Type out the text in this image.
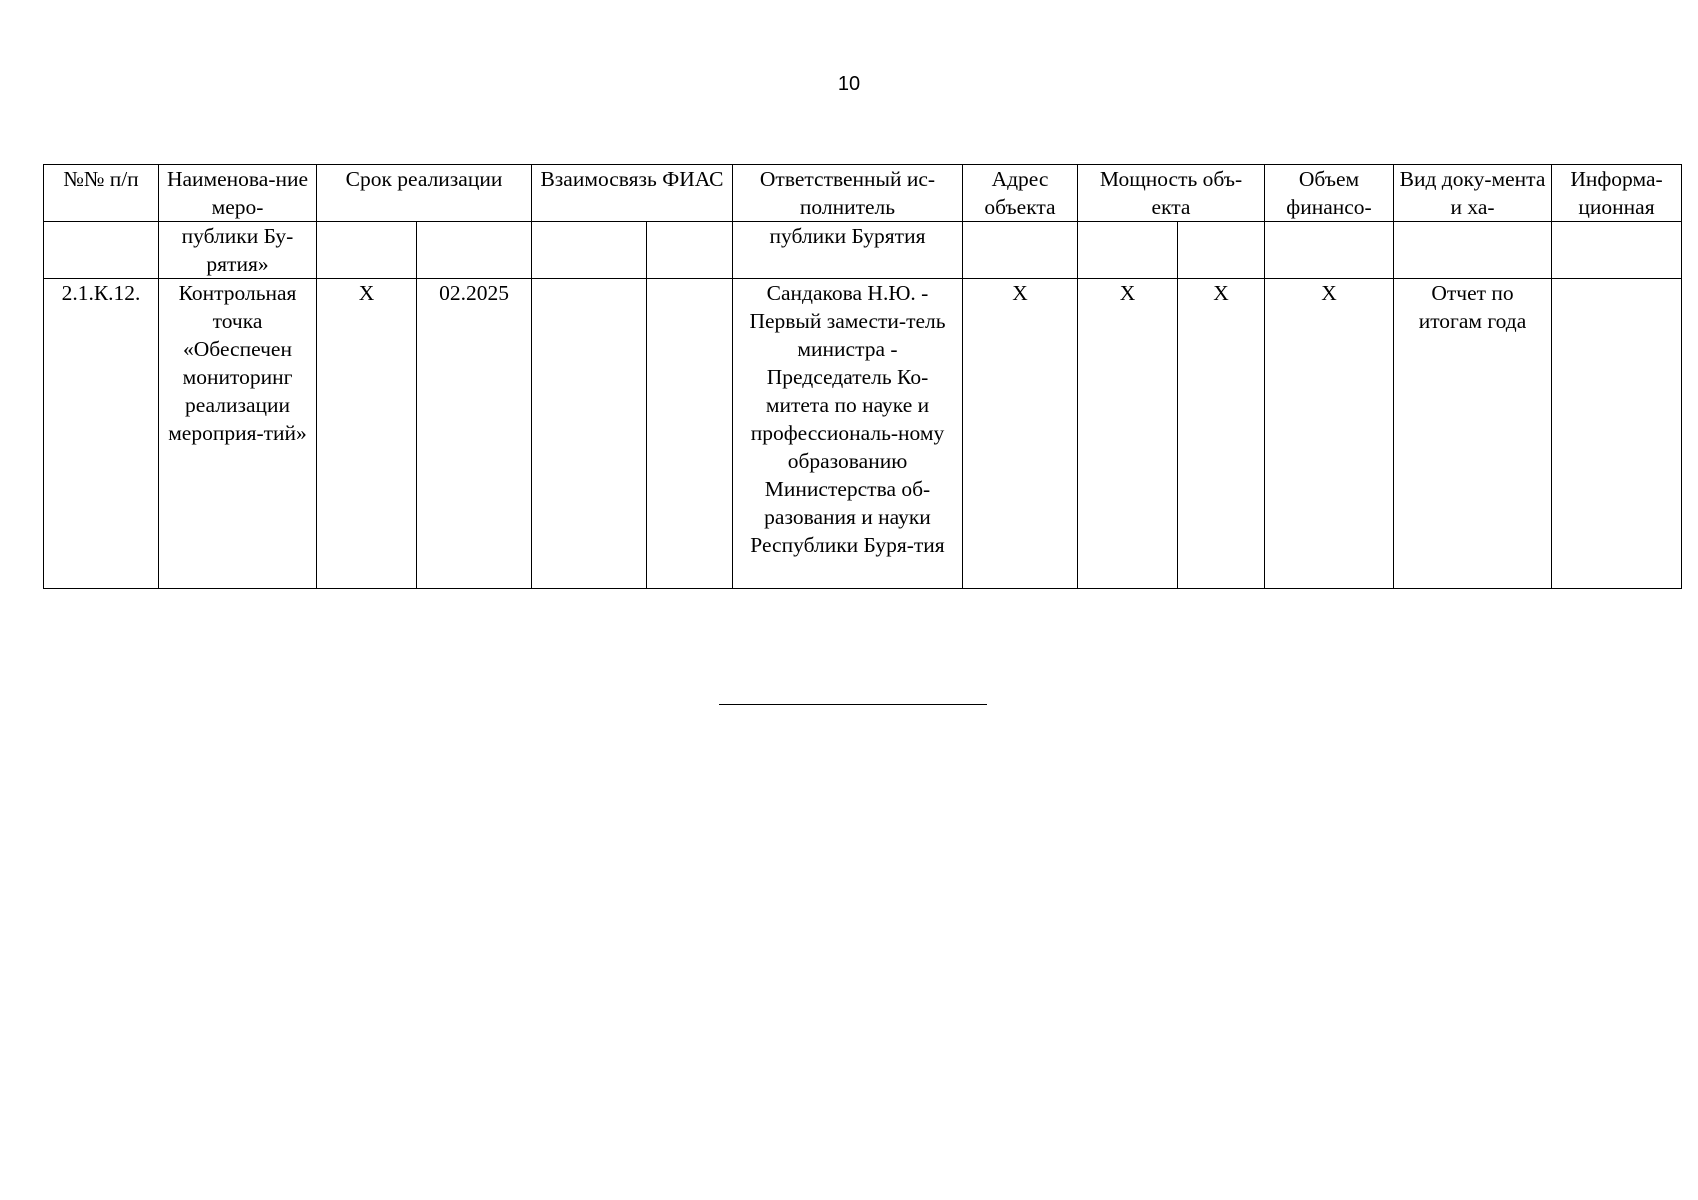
10
№№ п/п	Наименова-ние меро-	Срок реализации		Взаимосвязь ФИАС		Ответственный ис-полнитель	Адрес объекта	Мощность объ-екта		Объем финансо-	Вид доку-мента и ха-	Информа-ционная
	публики Бу-рятия»					публики Бурятия						
2.1.К.12.	Контрольная точка «Обеспечен мониторинг реализации мероприя-тий»	X	02.2025			Сандакова Н.Ю. - Первый замести-тель министра - Председатель Ко-митета по науке и профессиональ-ному образованию Министерства об-разования и науки Республики Буря-тия	X	X	X	X	Отчет по итогам года	
